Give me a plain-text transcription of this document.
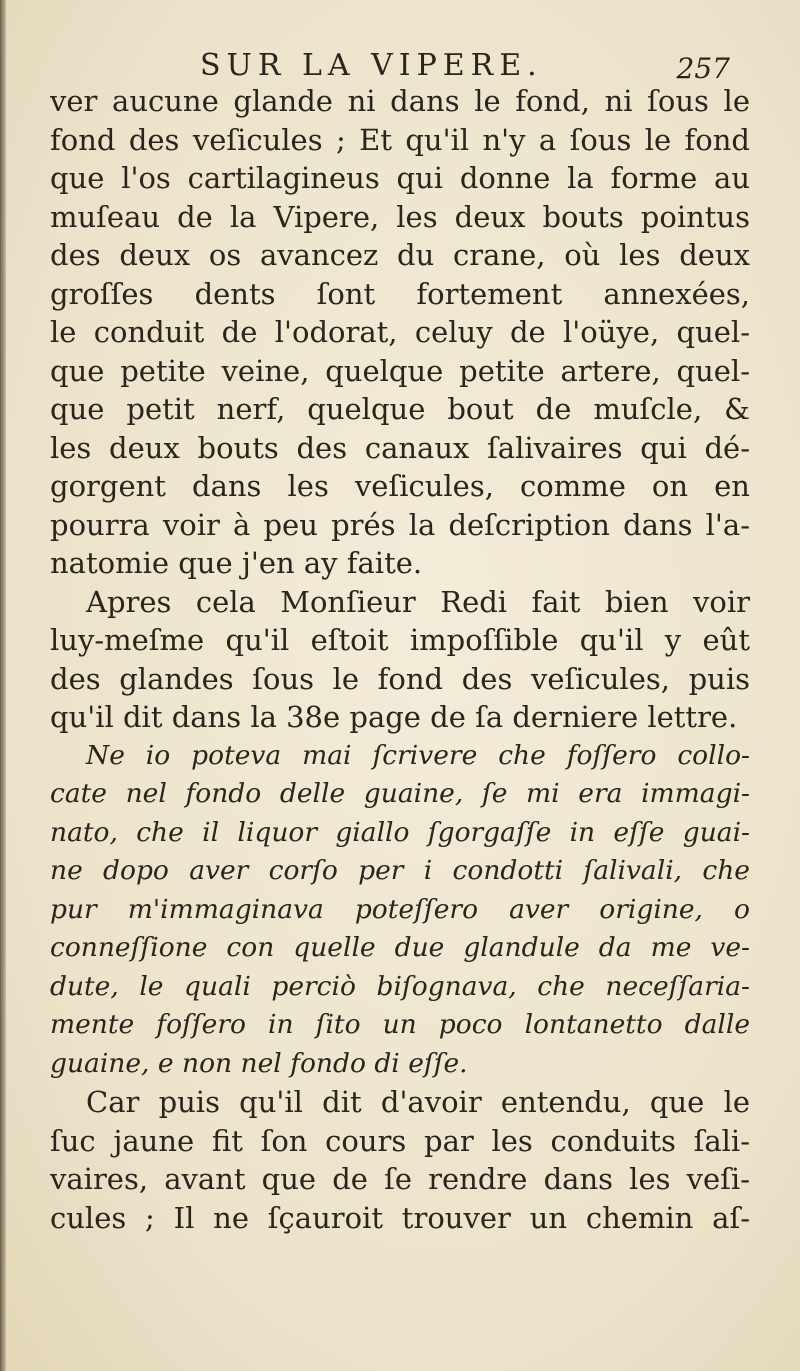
SUR LA VIPERE.	257
ver aucune glande ni dans le fond, ni ſous le
fond des veſicules ; Et qu'il n'y a ſous le fond
que l'os cartilagineus qui donne la forme au
muſeau de la Vipere, les deux bouts pointus
des deux os avancez du crane, où les deux
groſſes dents ſont fortement annexées,
le conduit de l'odorat, celuy de l'oüye, quel-
que petite veine, quelque petite artere, quel-
que petit nerf, quelque bout de muſcle, &
les deux bouts des canaux ſalivaires qui dé-
gorgent dans les veſicules, comme on en
pourra voir à peu prés la deſcription dans l'a-
natomie que j'en ay faite.
Apres cela Monſieur Redi fait bien voir
luy-meſme qu'il eſtoit impoſſible qu'il y eût
des glandes ſous le fond des veſicules, puis
qu'il dit dans la 38e page de ſa derniere lettre.
Ne io poteva mai ſcrivere che foſſero collo-
cate nel fondo delle guaine, ſe mi era immagi-
nato, che il liquor giallo ſgorgaſſe in eſſe guai-
ne dopo aver corſo per i condotti ſalivali, che
pur m'immaginava poteſſero aver origine, o
conneſſione con quelle due glandule da me ve-
dute, le quali perciò biſognava, che neceſſaria-
mente foſſero in ſito un poco lontanetto dalle
guaine, e non nel fondo di eſſe.
Car puis qu'il dit d'avoir entendu, que le
ſuc jaune fit ſon cours par les conduits ſali-
vaires, avant que de ſe rendre dans les veſi-
cules ; Il ne ſçauroit trouver un chemin aſ-
